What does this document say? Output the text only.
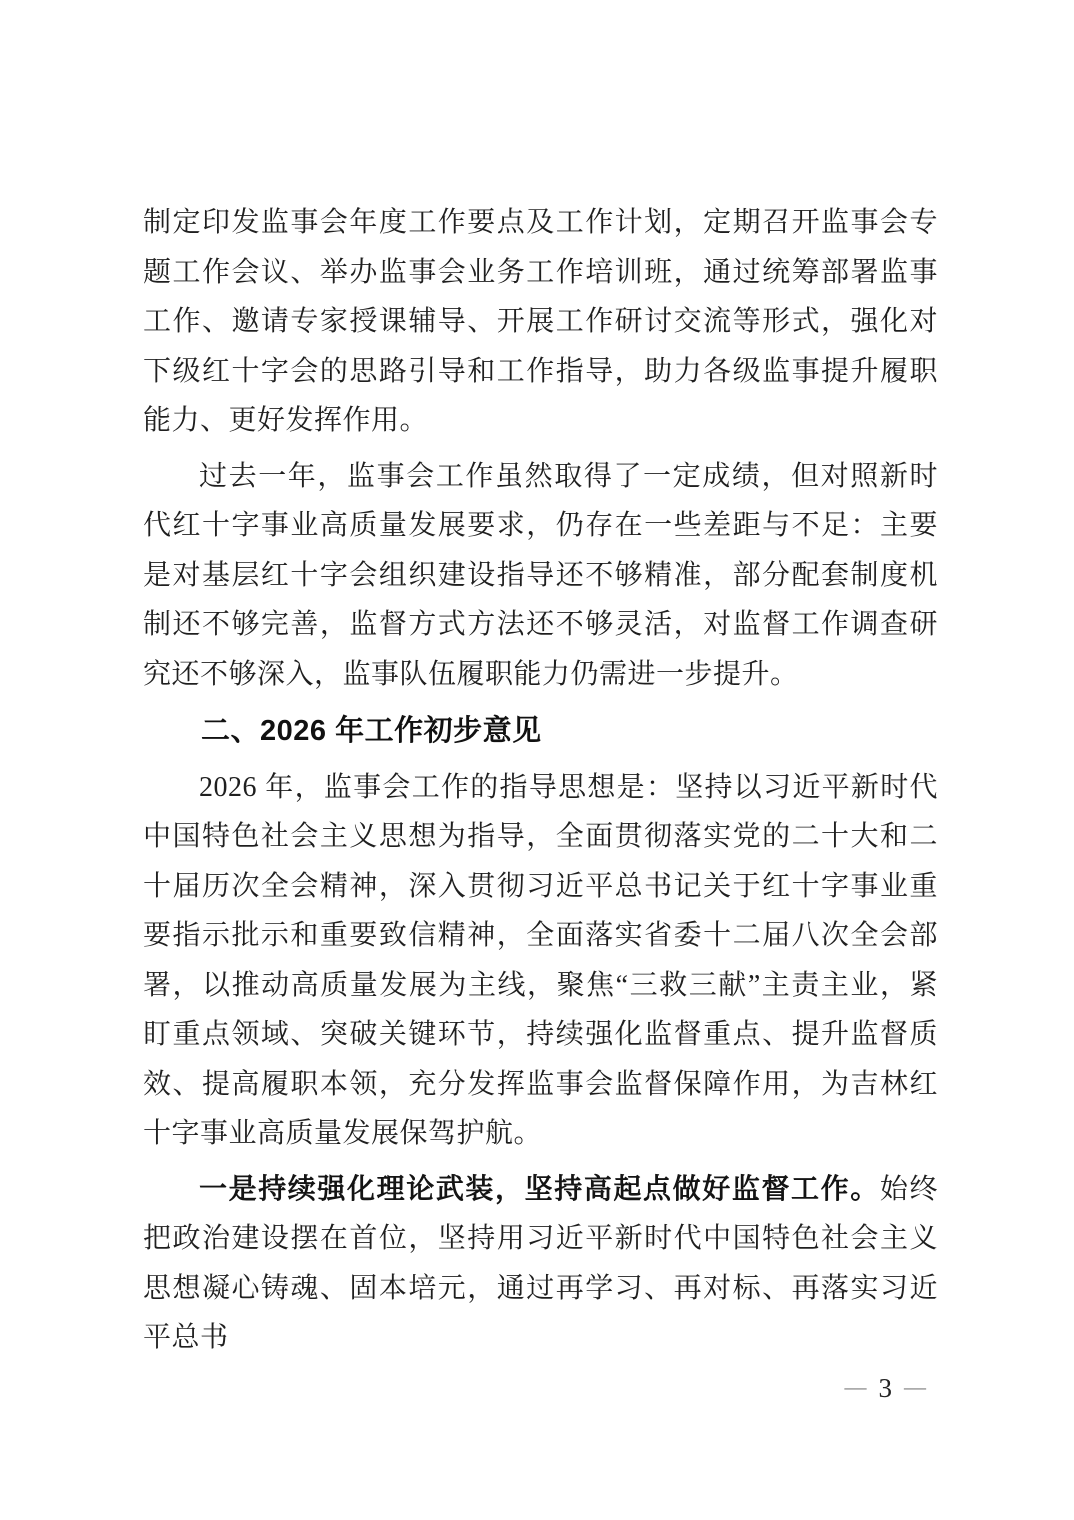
制定印发监事会年度工作要点及工作计划，定期召开监事会专题工作会议、举办监事会业务工作培训班，通过统筹部署监事工作、邀请专家授课辅导、开展工作研讨交流等形式，强化对下级红十字会的思路引导和工作指导，助力各级监事提升履职能力、更好发挥作用。

过去一年，监事会工作虽然取得了一定成绩，但对照新时代红十字事业高质量发展要求，仍存在一些差距与不足：主要是对基层红十字会组织建设指导还不够精准，部分配套制度机制还不够完善，监督方式方法还不够灵活，对监督工作调查研究还不够深入，监事队伍履职能力仍需进一步提升。

二、2026 年工作初步意见

2026 年，监事会工作的指导思想是：坚持以习近平新时代中国特色社会主义思想为指导，全面贯彻落实党的二十大和二十届历次全会精神，深入贯彻习近平总书记关于红十字事业重要指示批示和重要致信精神，全面落实省委十二届八次全会部署，以推动高质量发展为主线，聚焦“三救三献”主责主业，紧盯重点领域、突破关键环节，持续强化监督重点、提升监督质效、提高履职本领，充分发挥监事会监督保障作用，为吉林红十字事业高质量发展保驾护航。

一是持续强化理论武装，坚持高起点做好监督工作。始终把政治建设摆在首位，坚持用习近平新时代中国特色社会主义思想凝心铸魂、固本培元，通过再学习、再对标、再落实习近平总书

— 3 —
